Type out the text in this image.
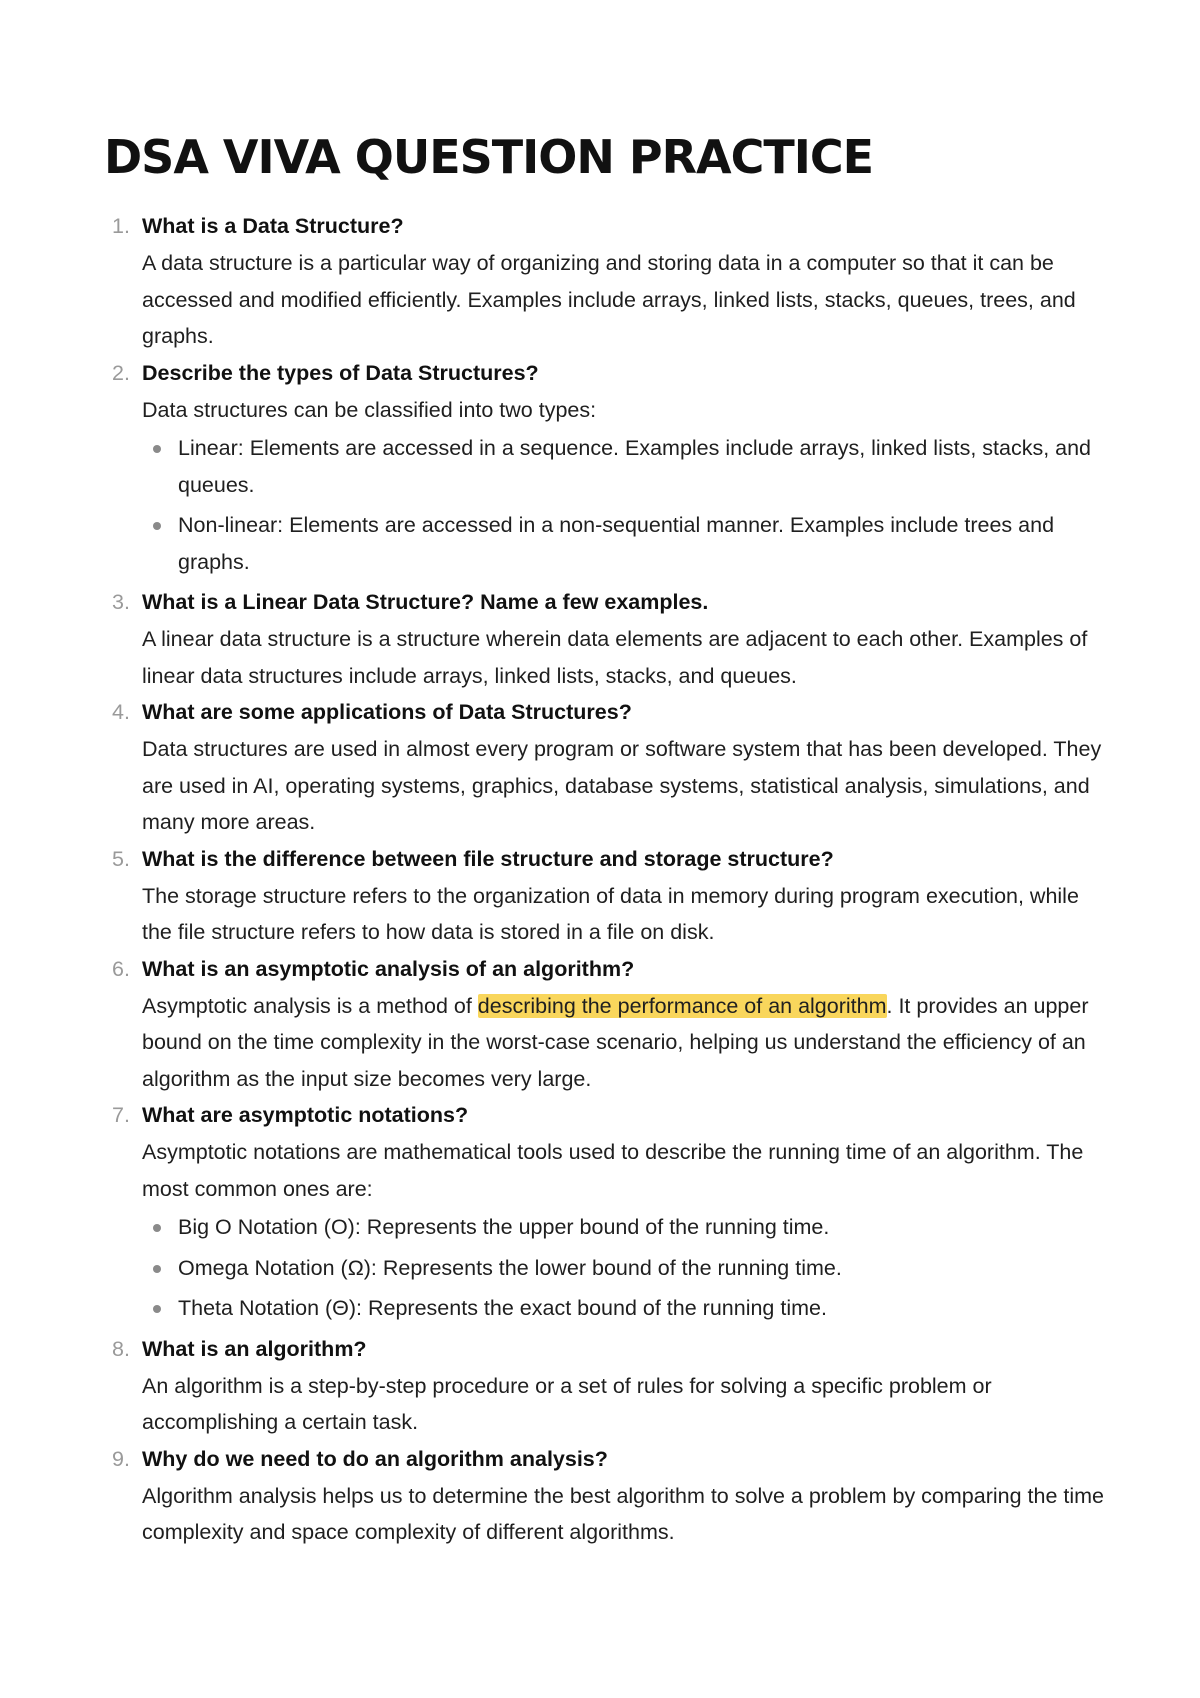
DSA VIVA QUESTION PRACTICE
1. What is a Data Structure?
A data structure is a particular way of organizing and storing data in a computer so that it can be accessed and modified efficiently. Examples include arrays, linked lists, stacks, queues, trees, and graphs.
2. Describe the types of Data Structures?
Data structures can be classified into two types:
Linear: Elements are accessed in a sequence. Examples include arrays, linked lists, stacks, and queues.
Non-linear: Elements are accessed in a non-sequential manner. Examples include trees and graphs.
3. What is a Linear Data Structure? Name a few examples.
A linear data structure is a structure wherein data elements are adjacent to each other. Examples of linear data structures include arrays, linked lists, stacks, and queues.
4. What are some applications of Data Structures?
Data structures are used in almost every program or software system that has been developed. They are used in AI, operating systems, graphics, database systems, statistical analysis, simulations, and many more areas.
5. What is the difference between file structure and storage structure?
The storage structure refers to the organization of data in memory during program execution, while the file structure refers to how data is stored in a file on disk.
6. What is an asymptotic analysis of an algorithm?
Asymptotic analysis is a method of describing the performance of an algorithm. It provides an upper bound on the time complexity in the worst-case scenario, helping us understand the efficiency of an algorithm as the input size becomes very large.
7. What are asymptotic notations?
Asymptotic notations are mathematical tools used to describe the running time of an algorithm. The most common ones are:
Big O Notation (O): Represents the upper bound of the running time.
Omega Notation (Ω): Represents the lower bound of the running time.
Theta Notation (Θ): Represents the exact bound of the running time.
8. What is an algorithm?
An algorithm is a step-by-step procedure or a set of rules for solving a specific problem or accomplishing a certain task.
9. Why do we need to do an algorithm analysis?
Algorithm analysis helps us to determine the best algorithm to solve a problem by comparing the time complexity and space complexity of different algorithms.
